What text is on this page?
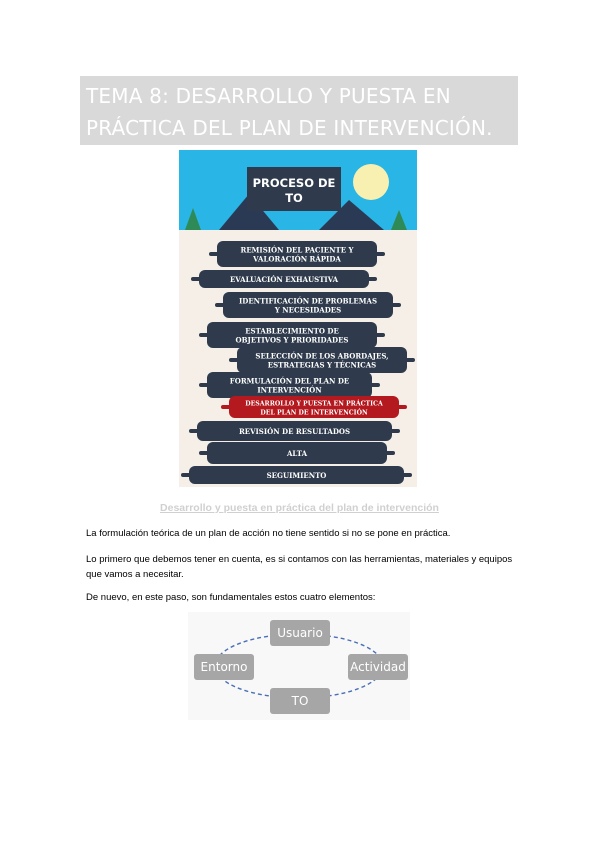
TEMA 8: DESARROLLO Y PUESTA EN
PRÁCTICA DEL PLAN DE INTERVENCIÓN.
PROCESO DE
TO
REMISIÓN DEL PACIENTE Y
VALORACIÓN RÁPIDA
EVALUACIÓN EXHAUSTIVA
IDENTIFICACIÓN DE PROBLEMAS
Y NECESIDADES
ESTABLECIMIENTO DE
OBJETIVOS Y PRIORIDADES
SELECCIÓN DE LOS ABORDAJES,
ESTRATEGIAS Y TÉCNICAS
FORMULACIÓN DEL PLAN DE
INTERVENCIÓN
DESARROLLO Y PUESTA EN PRÁCTICA
DEL PLAN DE INTERVENCIÓN
REVISIÓN DE RESULTADOS
ALTA
SEGUIMIENTO
Desarrollo y puesta en práctica del plan de intervención
La formulación teórica de un plan de acción no tiene sentido si no se pone en práctica.
Lo primero que debemos tener en cuenta, es si contamos con las herramientas, materiales y equipos que vamos a necesitar.
De nuevo, en este paso, son fundamentales estos cuatro elementos:
Usuario
Actividad
TO
Entorno
